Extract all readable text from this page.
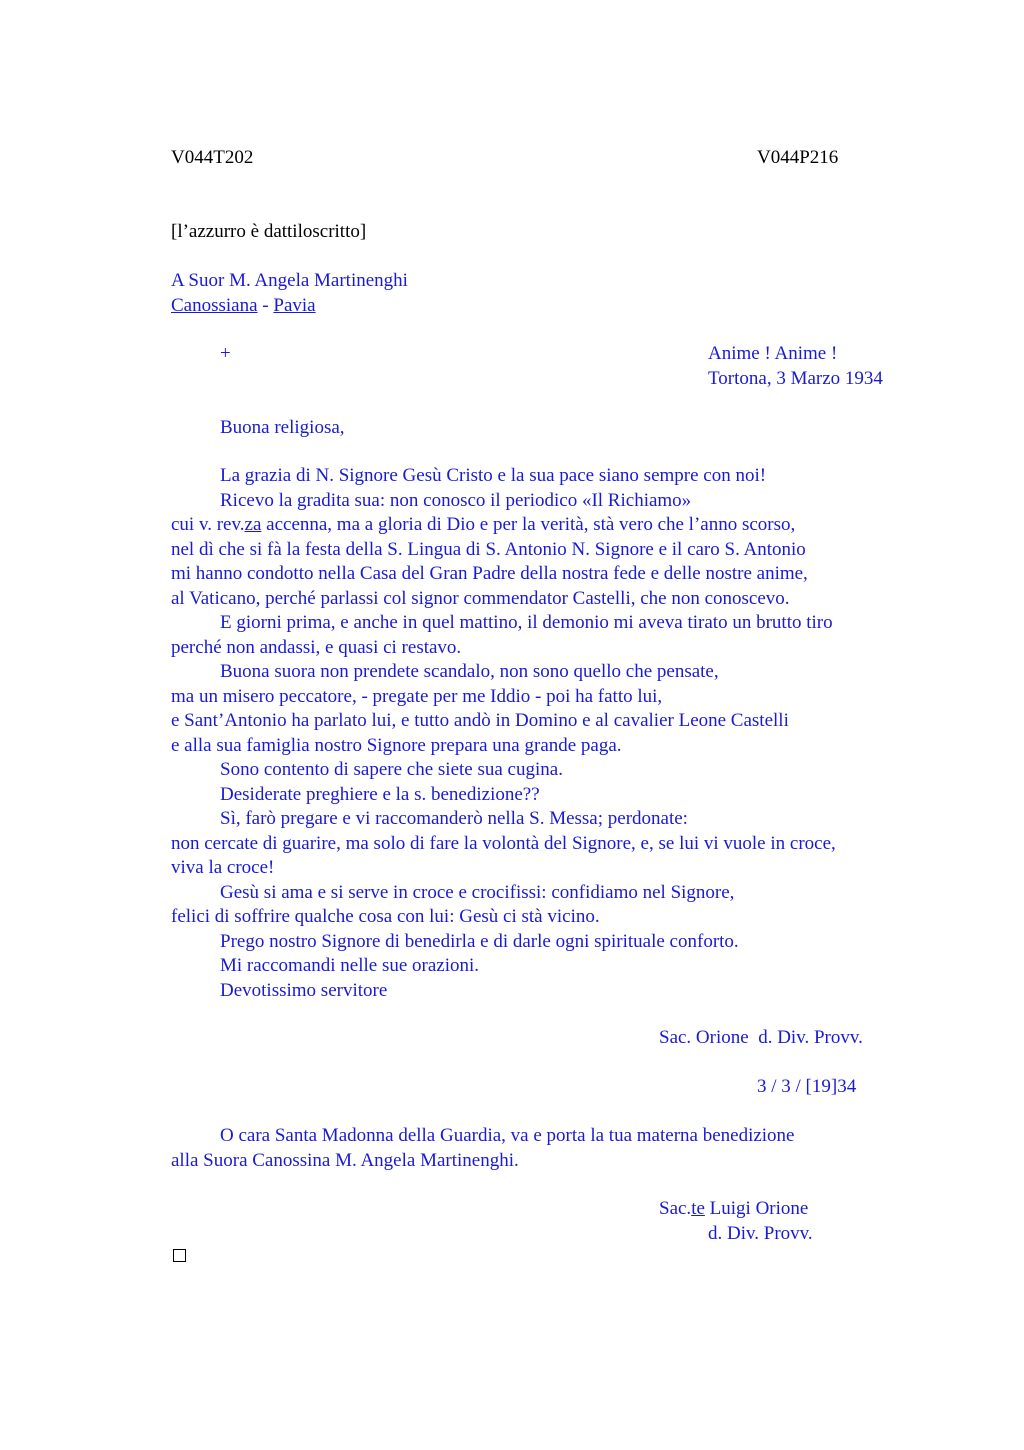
V044T202	V044P216
[l’azzurro è dattiloscritto]
A Suor M. Angela Martinenghi
Canossiana - Pavia
+	Anime ! Anime !
Tortona, 3 Marzo 1934
Buona religiosa,
La grazia di N. Signore Gesù Cristo e la sua pace siano sempre con noi!
Ricevo la gradita sua: non conosco il periodico «Il Richiamo»
cui v. rev.za accenna, ma a gloria di Dio e per la verità, stà vero che l’anno scorso,
nel dì che si fà la festa della S. Lingua di S. Antonio N. Signore e il caro S. Antonio
mi hanno condotto nella Casa del Gran Padre della nostra fede e delle nostre anime,
al Vaticano, perché parlassi col signor commendator Castelli, che non conoscevo.
E giorni prima, e anche in quel mattino, il demonio mi aveva tirato un brutto tiro
perché non andassi, e quasi ci restavo.
Buona suora non prendete scandalo, non sono quello che pensate,
ma un misero peccatore, - pregate per me Iddio - poi ha fatto lui,
e Sant’Antonio ha parlato lui, e tutto andò in Domino e al cavalier Leone Castelli
e alla sua famiglia nostro Signore prepara una grande paga.
Sono contento di sapere che siete sua cugina.
Desiderate preghiere e la s. benedizione??
Sì, farò pregare e vi raccomanderò nella S. Messa; perdonate:
non cercate di guarire, ma solo di fare la volontà del Signore, e, se lui vi vuole in croce,
viva la croce!
Gesù si ama e si serve in croce e crocifissi: confidiamo nel Signore,
felici di soffrire qualche cosa con lui: Gesù ci stà vicino.
Prego nostro Signore di benedirla e di darle ogni spirituale conforto.
Mi raccomandi nelle sue orazioni.
Devotissimo servitore
Sac. Orione  d. Div. Provv.
3 / 3 / [19]34
O cara Santa Madonna della Guardia, va e porta la tua materna benedizione
alla Suora Canossina M. Angela Martinenghi.
Sac.te Luigi Orione
d. Div. Provv.
